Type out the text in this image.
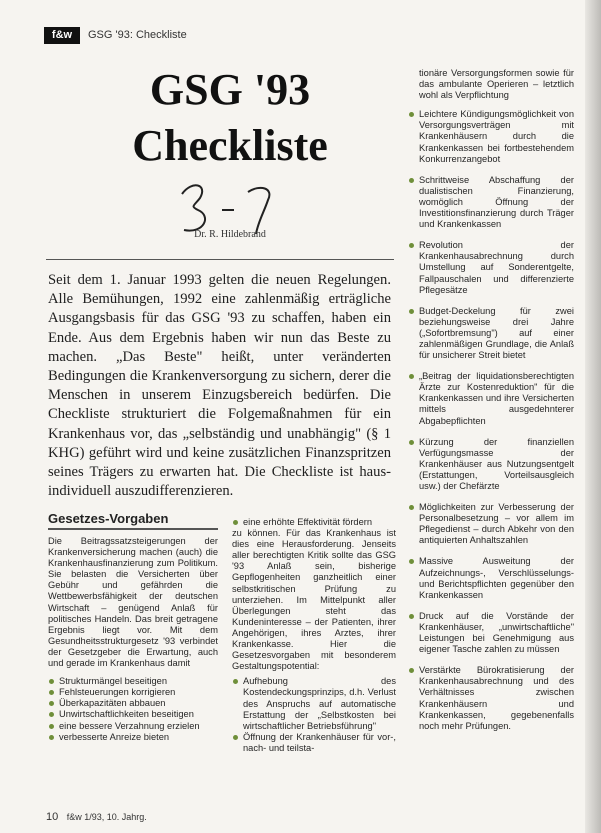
f&w	GSG '93: Checkliste
GSG '93
Checkliste
Dr. R. Hildebrand
Seit dem 1. Januar 1993 gelten die neuen Regelungen. Alle Bemühungen, 1992 eine zahlenmäßig erträgliche Ausgangsbasis für das GSG '93 zu schaffen, haben ein Ende. Aus dem Ergebnis haben wir nun das Beste zu machen. „Das Beste" heißt, unter veränderten Bedingungen die Krankenversorgung zu sichern, derer die Menschen in unserem Einzugsbereich bedürfen. Die Checkliste strukturiert die Folgemaßnahmen für ein Krankenhaus vor, das „selbständig und unabhängig" (§ 1 KHG) geführt wird und keine zusätzlichen Finanzspritzen seines Trägers zu erwarten hat. Die Checkliste ist haus-individuell auszudifferenzieren.
Gesetzes-Vorgaben

Die Beitragssatzsteigerungen der Krankenversicherung machen (auch) die Krankenhausfinanzierung zum Politikum. Sie belasten die Versicherten über Gebühr und gefährden die Wettbewerbsfähigkeit der deutschen Wirtschaft – genügend Anlaß für politisches Handeln. Das breit getragene Ergebnis liegt vor. Mit dem Gesundheitsstrukturgesetz '93 verbindet der Gesetzgeber die Erwartung, auch und gerade im Krankenhaus damit

Strukturmängel beseitigen
Fehlsteuerungen korrigieren
Überkapazitäten abbauen
Unwirtschaftlichkeiten beseitigen
eine bessere Verzahnung erzielen
verbesserte Anreize bieten
eine erhöhte Effektivität fördern

zu können. Für das Krankenhaus ist dies eine Herausforderung. Jenseits aller berechtigten Kritik sollte das GSG '93 Anlaß sein, bisherige Gepflogenheiten ganzheitlich einer selbstkritischen Prüfung zu unterziehen. Im Mittelpunkt aller Überlegungen steht das Kundeninteresse – der Patienten, ihrer Angehörigen, ihres Arztes, ihrer Krankenkasse. Hier die Gesetzesvorgaben mit besonderem Gestaltungspotential:

Aufhebung des Kostendeckungsprinzips, d.h. Verlust des Anspruchs auf automatische Erstattung der „Selbstkosten bei wirtschaftlicher Betriebsführung"
Öffnung der Krankenhäuser für vor-, nach- und teilsta-

tionäre Versorgungsformen sowie für das ambulante Operieren – letztlich wohl als Verpflichtung

Leichtere Kündigungsmöglichkeit von Versorgungsverträgen mit Krankenhäusern durch die Krankenkassen bei fortbestehendem Konkurrenzangebot
Schrittweise Abschaffung der dualistischen Finanzierung, womöglich Öffnung der Investitionsfinanzierung durch Träger und Krankenkassen
Revolution der Krankenhausabrechnung durch Umstellung auf Sonderentgelte, Fallpauschalen und differenzierte Pflegesätze
Budget-Deckelung für zwei beziehungsweise drei Jahre („Sofortbremsung") auf einer zahlenmäßigen Grundlage, die Anlaß für unsicherer Streit bietet
„Beitrag der liquidationsberechtigten Ärzte zur Kostenreduktion" für die Krankenkassen und ihre Versicherten mittels ausgedehnterer Abgabepflichten
Kürzung der finanziellen Verfügungsmasse der Krankenhäuser aus Nutzungsentgelt (Erstattungen, Vorteilsausgleich usw.) der Chefärzte
Möglichkeiten zur Verbesserung der Personalbesetzung – vor allem im Pflegedienst – durch Abkehr von den antiquierten Anhaltszahlen
Massive Ausweitung der Aufzeichnungs-, Verschlüsselungs- und Berichtspflichten gegenüber den Krankenkassen
Druck auf die Vorstände der Krankenhäuser, „unwirtschaftliche" Leistungen bei Genehmigung aus eigener Tasche zahlen zu müssen
Verstärkte Bürokratisierung der Krankenhausabrechnung und des Verhältnisses zwischen Krankenhäusern und Krankenkassen, gegebenenfalls noch mehr Prüfungen.
10 f&w 1/93, 10. Jahrg.
